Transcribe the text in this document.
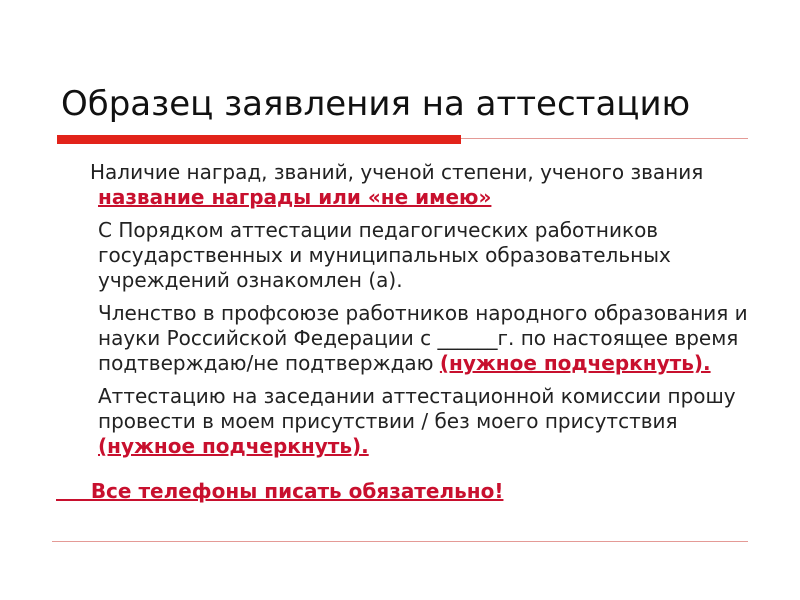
Образец заявления на аттестацию

Наличие наград, званий, ученой степени, ученого звания название награды или «не имею»

С Порядком аттестации педагогических работников государственных и муниципальных образовательных учреждений ознакомлен (а).

Членство в профсоюзе работников народного образования и науки Российской Федерации с ______г. по настоящее время подтверждаю/не подтверждаю (нужное подчеркнуть).

Аттестацию на заседании аттестационной комиссии прошу провести в моем присутствии / без моего присутствия (нужное подчеркнуть).

Все телефоны писать обязательно!
